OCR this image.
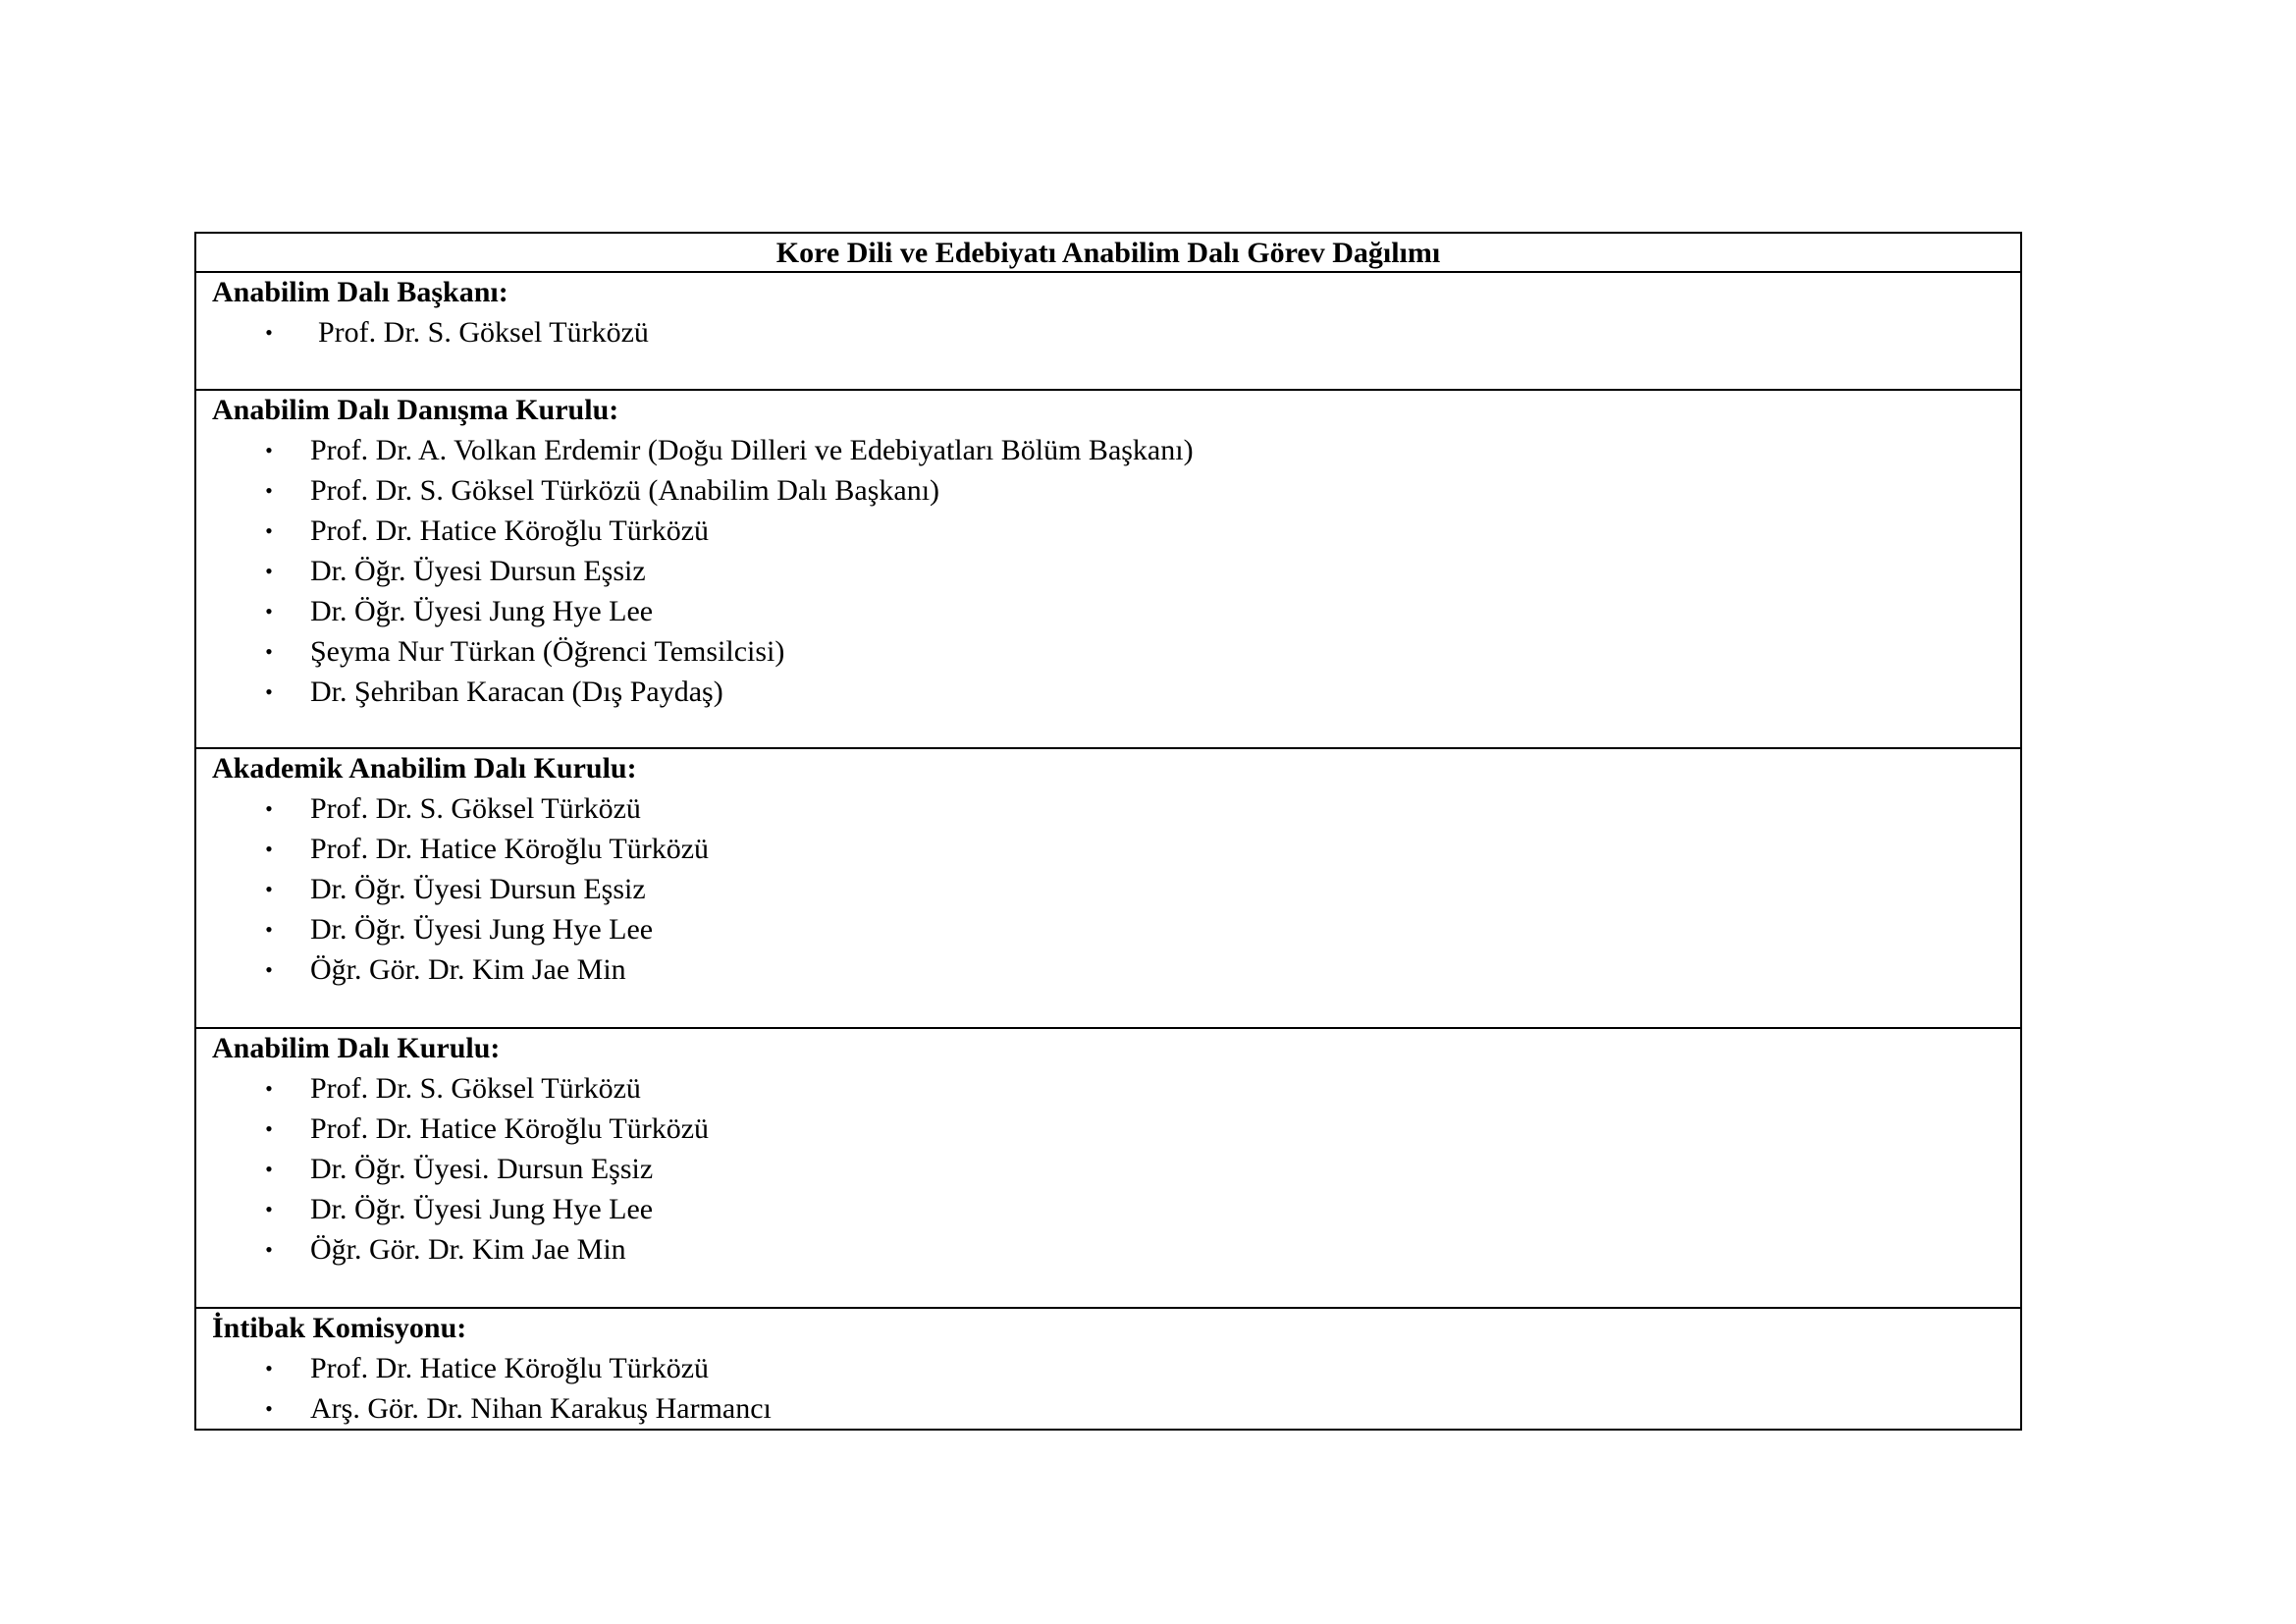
Kore Dili ve Edebiyatı Anabilim Dalı Görev Dağılımı
Anabilim Dalı Başkanı:
• Prof. Dr. S. Göksel Türközü
Anabilim Dalı Danışma Kurulu:
• Prof. Dr. A. Volkan Erdemir (Doğu Dilleri ve Edebiyatları Bölüm Başkanı)
• Prof. Dr. S. Göksel Türközü (Anabilim Dalı Başkanı)
• Prof. Dr. Hatice Köroğlu Türközü
• Dr. Öğr. Üyesi Dursun Eşsiz
• Dr. Öğr. Üyesi Jung Hye Lee
• Şeyma Nur Türkan (Öğrenci Temsilcisi)
• Dr. Şehriban Karacan (Dış Paydaş)
Akademik Anabilim Dalı Kurulu:
• Prof. Dr. S. Göksel Türközü
• Prof. Dr. Hatice Köroğlu Türközü
• Dr. Öğr. Üyesi Dursun Eşsiz
• Dr. Öğr. Üyesi Jung Hye Lee
• Öğr. Gör. Dr. Kim Jae Min
Anabilim Dalı Kurulu:
• Prof. Dr. S. Göksel Türközü
• Prof. Dr. Hatice Köroğlu Türközü
• Dr. Öğr. Üyesi. Dursun Eşsiz
• Dr. Öğr. Üyesi Jung Hye Lee
• Öğr. Gör. Dr. Kim Jae Min
İntibak Komisyonu:
• Prof. Dr. Hatice Köroğlu Türközü
• Arş. Gör. Dr. Nihan Karakuş Harmancı
